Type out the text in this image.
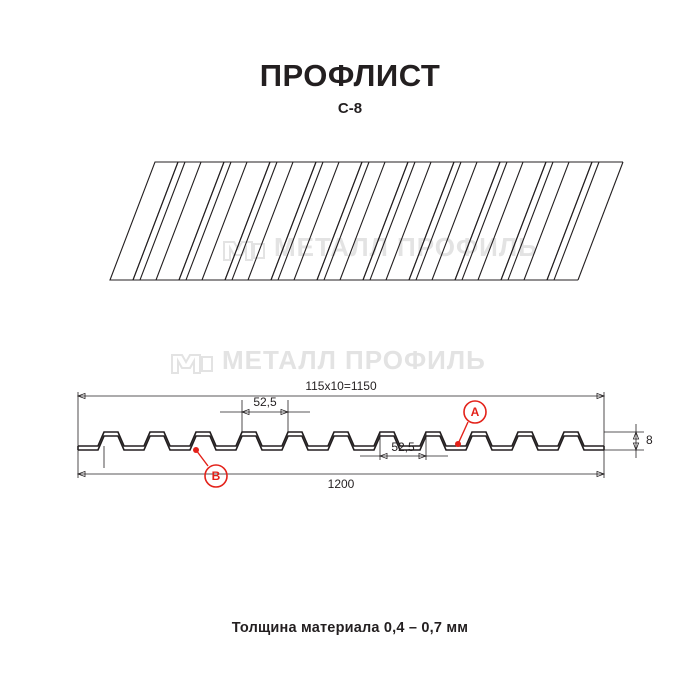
ПРОФЛИСТ
C-8
МЕТАЛЛ ПРОФИЛЬ
МЕТАЛЛ ПРОФИЛЬ
115х10=1150
52,5
52,5	8
1200
A
B
Толщина материала 0,4 – 0,7 мм
